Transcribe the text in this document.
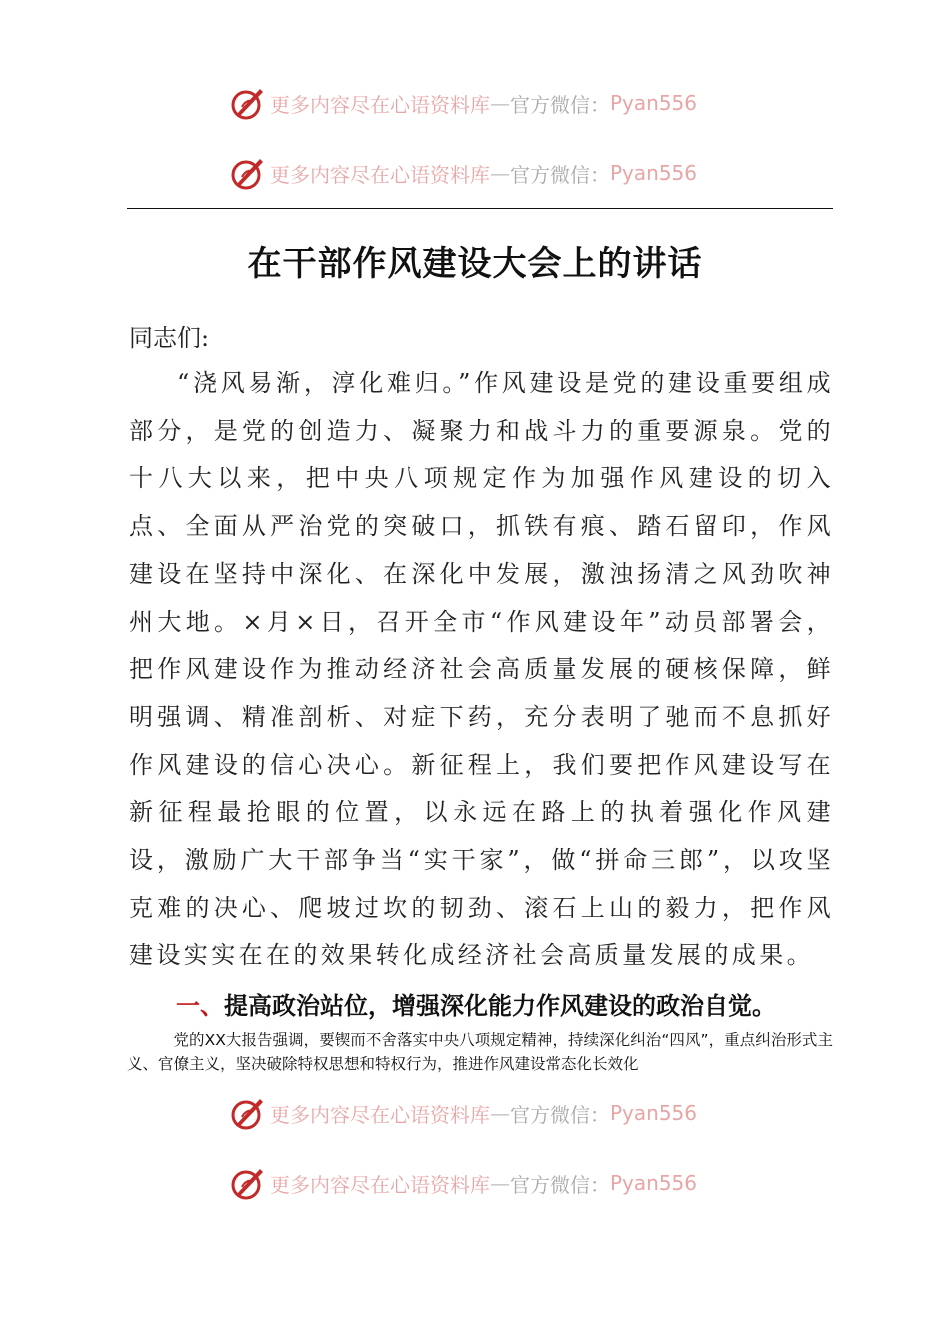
更多内容尽在心语资料库 — 官方微信： Pyan556
更多内容尽在心语资料库 — 官方微信： Pyan556
在干部作风建设大会上的讲话
同志们:
“浇风易渐，淳化难归。”作风建设是党的建设重要组成部分，是党的创造力、凝聚力和战斗力的重要源泉。党的十八大以来，把中央八项规定作为加强作风建设的切入点、全面从严治党的突破口，抓铁有痕、踏石留印，作风建设在坚持中深化、在深化中发展，激浊扬清之风劲吹神州大地。×月×日，召开全市“作风建设年”动员部署会，把作风建设作为推动经济社会高质量发展的硬核保障，鲜明强调、精准剖析、对症下药，充分表明了驰而不息抓好作风建设的信心决心。新征程上，我们要把作风建设写在新征程最抢眼的位置，以永远在路上的执着强化作风建设，激励广大干部争当“实干家”，做“拼命三郎”，以攻坚克难的决心、爬坡过坎的韧劲、滚石上山的毅力，把作风建设实实在在的效果转化成经济社会高质量发展的成果。
一、提高政治站位，增强深化能力作风建设的政治自觉。
党的XX大报告强调，要锲而不舍落实中央八项规定精神，持续深化纠治“四风”，重点纠治形式主义、官僚主义，坚决破除特权思想和特权行为，推进作风建设常态化长效化
更多内容尽在心语资料库 — 官方微信： Pyan556
更多内容尽在心语资料库 — 官方微信： Pyan556
